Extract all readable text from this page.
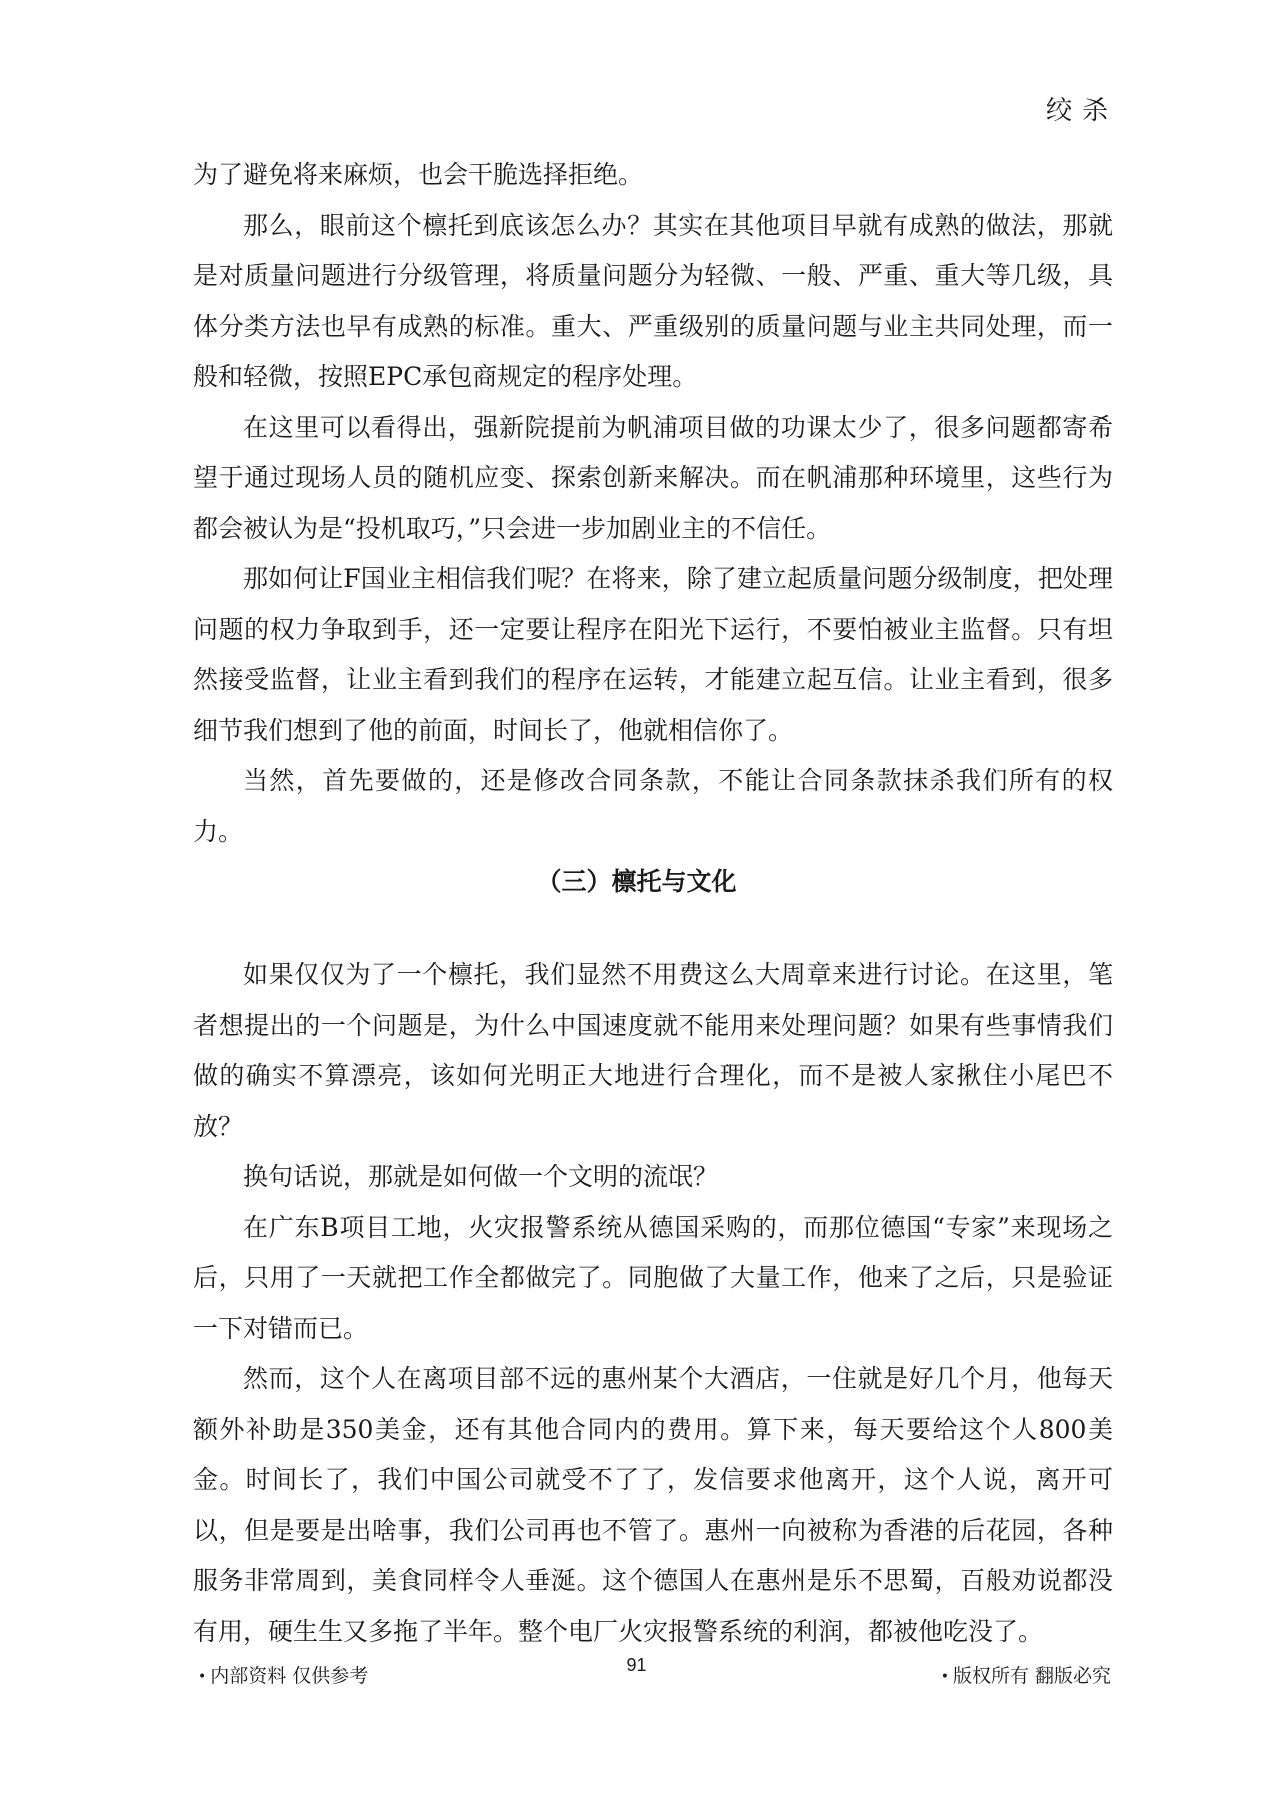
绞杀

为了避免将来麻烦，也会干脆选择拒绝。

那么，眼前这个檩托到底该怎么办？其实在其他项目早就有成熟的做法，那就是对质量问题进行分级管理，将质量问题分为轻微、一般、严重、重大等几级，具体分类方法也早有成熟的标准。重大、严重级别的质量问题与业主共同处理，而一般和轻微，按照EPC承包商规定的程序处理。

在这里可以看得出，强新院提前为帆浦项目做的功课太少了，很多问题都寄希望于通过现场人员的随机应变、探索创新来解决。而在帆浦那种环境里，这些行为都会被认为是“投机取巧，”只会进一步加剧业主的不信任。

那如何让F国业主相信我们呢？在将来，除了建立起质量问题分级制度，把处理问题的权力争取到手，还一定要让程序在阳光下运行，不要怕被业主监督。只有坦然接受监督，让业主看到我们的程序在运转，才能建立起互信。让业主看到，很多细节我们想到了他的前面，时间长了，他就相信你了。

当然，首先要做的，还是修改合同条款，不能让合同条款抹杀我们所有的权力。

（三）檩托与文化

如果仅仅为了一个檩托，我们显然不用费这么大周章来进行讨论。在这里，笔者想提出的一个问题是，为什么中国速度就不能用来处理问题？如果有些事情我们做的确实不算漂亮，该如何光明正大地进行合理化，而不是被人家揪住小尾巴不放？

换句话说，那就是如何做一个文明的流氓？

在广东B项目工地，火灾报警系统从德国采购的，而那位德国“专家”来现场之后，只用了一天就把工作全都做完了。同胞做了大量工作，他来了之后，只是验证一下对错而已。

然而，这个人在离项目部不远的惠州某个大酒店，一住就是好几个月，他每天额外补助是350美金，还有其他合同内的费用。算下来，每天要给这个人800美金。时间长了，我们中国公司就受不了了，发信要求他离开，这个人说，离开可以，但是要是出啥事，我们公司再也不管了。惠州一向被称为香港的后花园，各种服务非常周到，美食同样令人垂涎。这个德国人在惠州是乐不思蜀，百般劝说都没有用，硬生生又多拖了半年。整个电厂火灾报警系统的利润，都被他吃没了。

• 内部资料 仅供参考	91
• 版权所有 翻版必究
